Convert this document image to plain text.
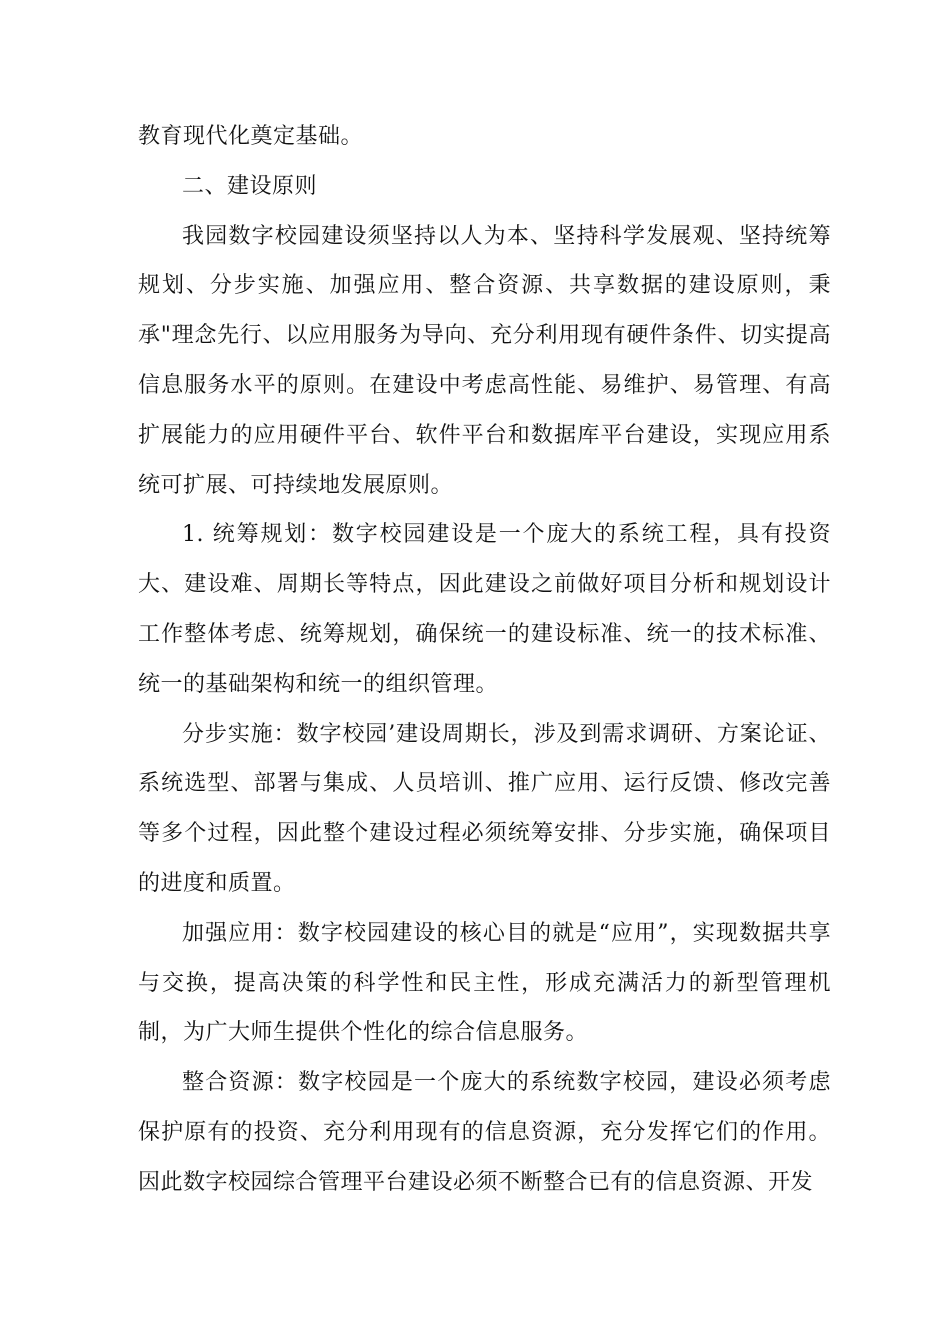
教育现代化奠定基础。

二、建设原则

我园数字校园建设须坚持以人为本、坚持科学发展观、坚持统筹规划、分步实施、加强应用、整合资源、共享数据的建设原则，秉承"理念先行、以应用服务为导向、充分利用现有硬件条件、切实提高信息服务水平的原则。在建设中考虑高性能、易维护、易管理、有高扩展能力的应用硬件平台、软件平台和数据库平台建设，实现应用系统可扩展、可持续地发展原则。

1. 统筹规划：数字校园建设是一个庞大的系统工程，具有投资大、建设难、周期长等特点，因此建设之前做好项目分析和规划设计工作整体考虑、统筹规划，确保统一的建设标准、统一的技术标准、统一的基础架构和统一的组织管理。

分步实施：数字校园’建设周期长，涉及到需求调研、方案论证、系统选型、部署与集成、人员培训、推广应用、运行反馈、修改完善等多个过程，因此整个建设过程必须统筹安排、分步实施，确保项目的进度和质置。

加强应用：数字校园建设的核心目的就是“应用”，实现数据共享与交换，提高决策的科学性和民主性，形成充满活力的新型管理机制，为广大师生提供个性化的综合信息服务。

整合资源：数字校园是一个庞大的系统数字校园，建设必须考虑保护原有的投资、充分利用现有的信息资源，充分发挥它们的作用。因此数字校园综合管理平台建设必须不断整合已有的信息资源、开发
